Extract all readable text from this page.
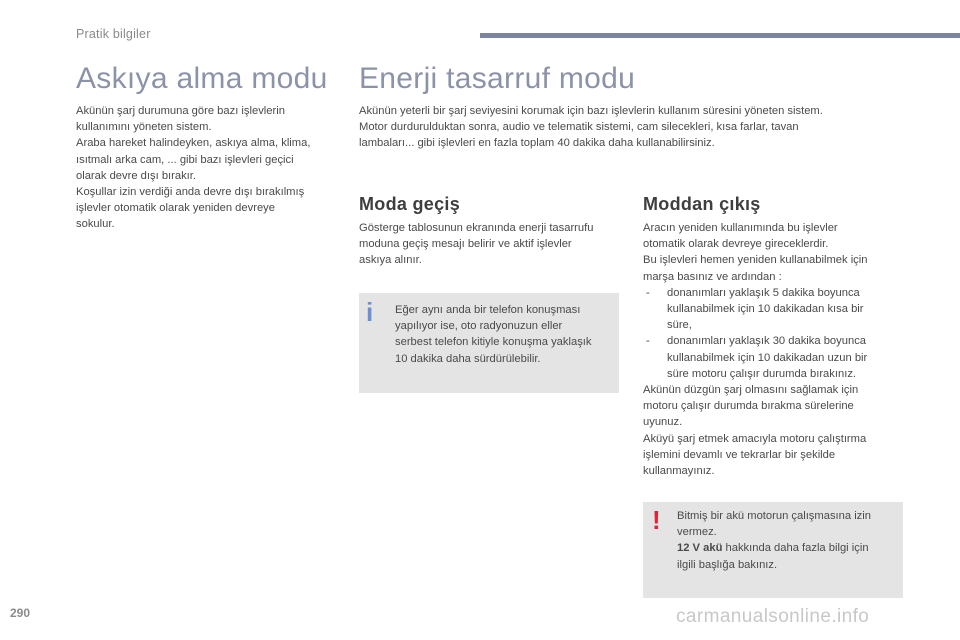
Pratik bilgiler
Askıya alma modu

Akünün şarj durumuna göre bazı işlevlerin

kullanımını yöneten sistem.

Araba hareket halindeyken, askıya alma, klima,

ısıtmalı arka cam, ... gibi bazı işlevleri geçici

olarak devre dışı bırakır.

Koşullar izin verdiği anda devre dışı bırakılmış

işlevler otomatik olarak yeniden devreye

sokulur.

Enerji tasarruf modu

Akünün yeterli bir şarj seviyesini korumak için bazı işlevlerin kullanım süresini yöneten sistem.

Motor durdurulduktan sonra, audio ve telematik sistemi, cam silecekleri, kısa farlar, tavan

lambaları... gibi işlevleri en fazla toplam 40 dakika daha kullanabilirsiniz.

Moda geçiş

Gösterge tablosunun ekranında enerji tasarrufu

moduna geçiş mesajı belirir ve aktif işlevler

askıya alınır.

i Eğer aynı anda bir telefon konuşması

yapılıyor ise, oto radyonuzun eller

serbest telefon kitiyle konuşma yaklaşık

10 dakika daha sürdürülebilir.

Moddan çıkış

Aracın yeniden kullanımında bu işlevler

otomatik olarak devreye gireceklerdir.

Bu işlevleri hemen yeniden kullanabilmek için

marşa basınız ve ardından :

- donanımları yaklaşık 5 dakika boyunca

kullanabilmek için 10 dakikadan kısa bir

süre,

- donanımları yaklaşık 30 dakika boyunca

kullanabilmek için 10 dakikadan uzun bir

süre motoru çalışır durumda bırakınız.

Akünün düzgün şarj olmasını sağlamak için

motoru çalışır durumda bırakma sürelerine

uyunuz.

Aküyü şarj etmek amacıyla motoru çalıştırma

işlemini devamlı ve tekrarlar bir şekilde

kullanmayınız.

! Bitmiş bir akü motorun çalışmasına izin

vermez.

12 V akü hakkında daha fazla bilgi için

ilgili başlığa bakınız.

290	carmanualsonline.info
